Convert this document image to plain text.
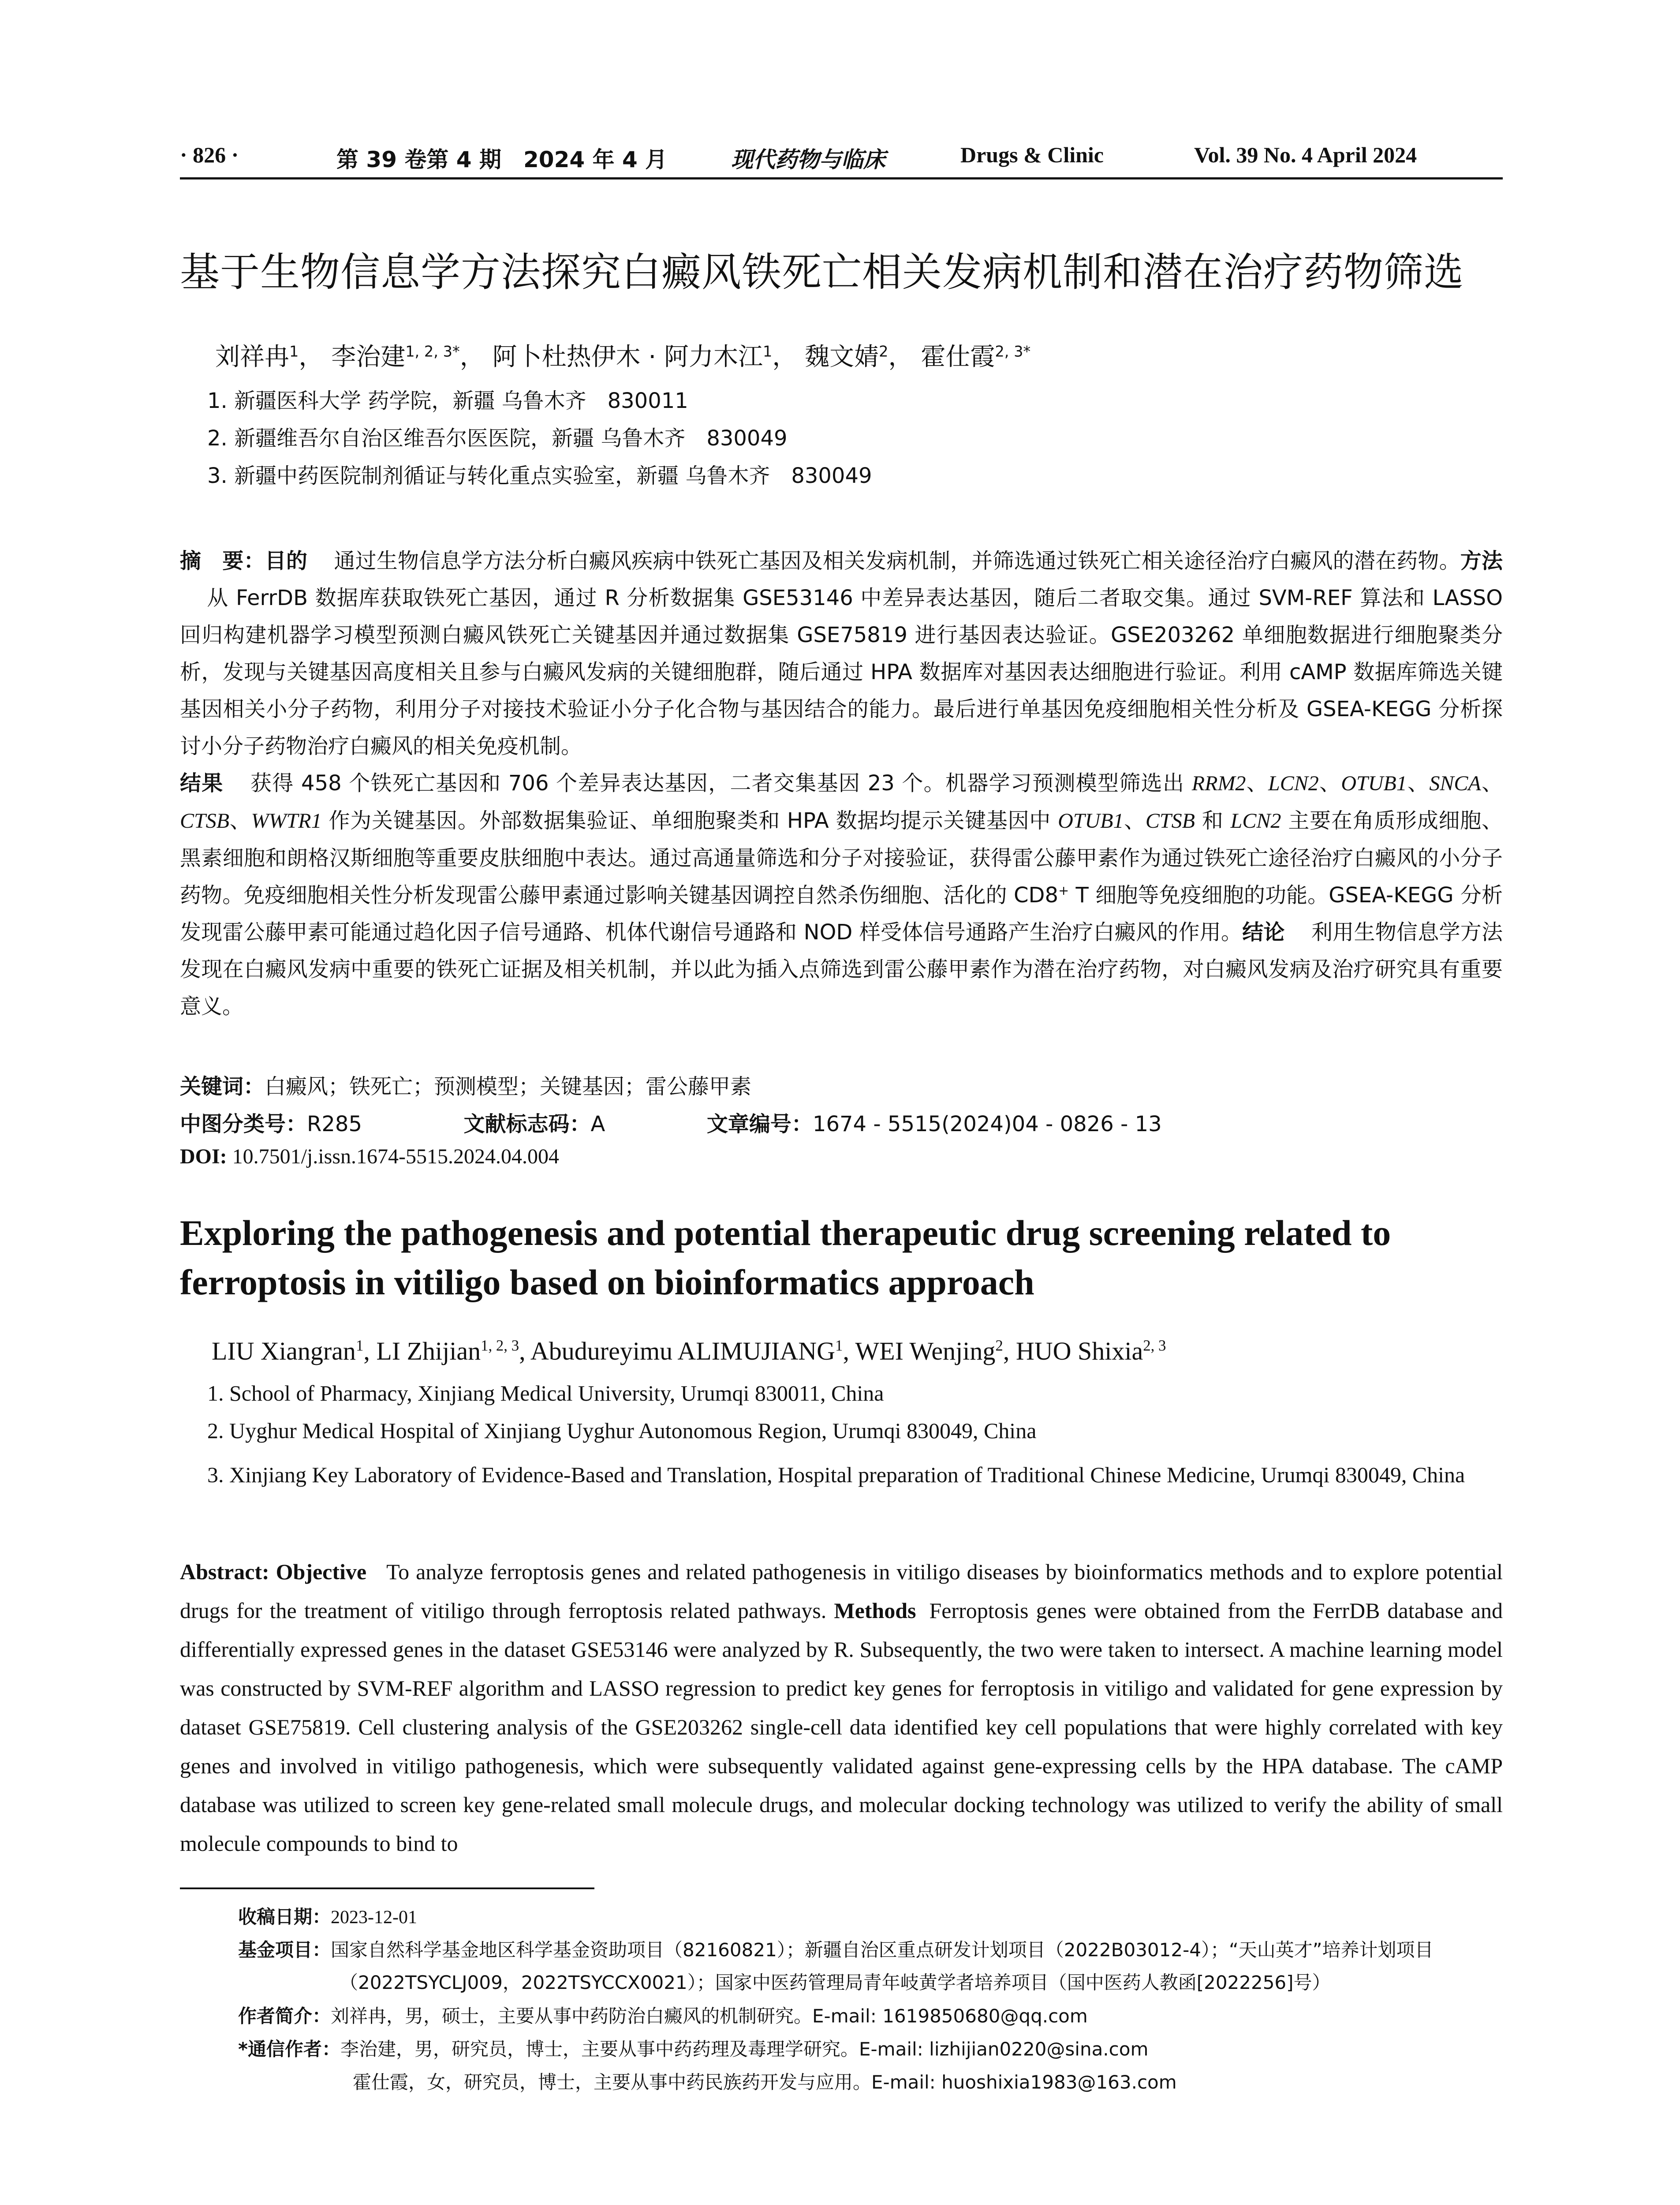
· 826 ·	第 39 卷第 4 期　2024 年 4 月	现代药物与临床	Drugs & Clinic	Vol. 39 No. 4 April 2024
基于生物信息学方法探究白癜风铁死亡相关发病机制和潜在治疗药物筛选
刘祥冉$^1$， 李治建$^{1, 2, 3*}$， 阿卜杜热伊木 · 阿力木江$^1$， 魏文婧$^2$， 霍仕霞$^{2, 3*}$
1. 新疆医科大学 药学院，新疆 乌鲁木齐　830011
2. 新疆维吾尔自治区维吾尔医医院，新疆 乌鲁木齐　830049
3. 新疆中药医院制剂循证与转化重点实验室，新疆 乌鲁木齐　830049
摘　要：目的 通过生物信息学方法分析白癜风疾病中铁死亡基因及相关发病机制，并筛选通过铁死亡相关途径治疗白癜风的潜在药物。方法从 FerrDB 数据库获取铁死亡基因，通过 R 分析数据集 GSE53146 中差异表达基因，随后二者取交集。通过 SVM-REF 算法和 LASSO 回归构建机器学习模型预测白癜风铁死亡关键基因并通过数据集 GSE75819 进行基因表达验证。GSE203262 单细胞数据进行细胞聚类分析，发现与关键基因高度相关且参与白癜风发病的关键细胞群，随后通过 HPA 数据库对基因表达细胞进行验证。利用 cAMP 数据库筛选关键基因相关小分子药物，利用分子对接技术验证小分子化合物与基因结合的能力。最后进行单基因免疫细胞相关性分析及 GSEA-KEGG 分析探讨小分子药物治疗白癜风的相关免疫机制。
结果 获得 458 个铁死亡基因和 706 个差异表达基因，二者交集基因 23 个。机器学习预测模型筛选出 RRM2、LCN2、OTUB1、SNCA、CTSB、WWTR1 作为关键基因。外部数据集验证、单细胞聚类和 HPA 数据均提示关键基因中 OTUB1、CTSB 和 LCN2 主要在角质形成细胞、黑素细胞和朗格汉斯细胞等重要皮肤细胞中表达。通过高通量筛选和分子对接验证，获得雷公藤甲素作为通过铁死亡途径治疗白癜风的小分子药物。免疫细胞相关性分析发现雷公藤甲素通过影响关键基因调控自然杀伤细胞、活化的 CD8+ T 细胞等免疫细胞的功能。GSEA-KEGG 分析发现雷公藤甲素可能通过趋化因子信号通路、机体代谢信号通路和 NOD 样受体信号通路产生治疗白癜风的作用。结论 利用生物信息学方法发现在白癜风发病中重要的铁死亡证据及相关机制，并以此为插入点筛选到雷公藤甲素作为潜在治疗药物，对白癜风发病及治疗研究具有重要意义。
关键词：白癜风；铁死亡；预测模型；关键基因；雷公藤甲素
中图分类号：R285	文献标志码：A	文章编号：1674 - 5515(2024)04 - 0826 - 13
DOI: 10.7501/j.issn.1674-5515.2024.04.004
Exploring the pathogenesis and potential therapeutic drug screening related to ferroptosis in vitiligo based on bioinformatics approach
LIU Xiangran$^1$, LI Zhijian$^{1, 2, 3}$, Abudureyimu ALIMUJIANG$^1$, WEI Wenjing$^2$, HUO Shixia$^{2, 3}$
1. School of Pharmacy, Xinjiang Medical University, Urumqi 830011, China
2. Uyghur Medical Hospital of Xinjiang Uyghur Autonomous Region, Urumqi 830049, China
3. Xinjiang Key Laboratory of Evidence-Based and Translation, Hospital preparation of Traditional Chinese Medicine, Urumqi 830049, China
Abstract: Objective To analyze ferroptosis genes and related pathogenesis in vitiligo diseases by bioinformatics methods and to explore potential drugs for the treatment of vitiligo through ferroptosis related pathways. Methods Ferroptosis genes were obtained from the FerrDB database and differentially expressed genes in the dataset GSE53146 were analyzed by R. Subsequently, the two were taken to intersect. A machine learning model was constructed by SVM-REF algorithm and LASSO regression to predict key genes for ferroptosis in vitiligo and validated for gene expression by dataset GSE75819. Cell clustering analysis of the GSE203262 single-cell data identified key cell populations that were highly correlated with key genes and involved in vitiligo pathogenesis, which were subsequently validated against gene-expressing cells by the HPA database. The cAMP database was utilized to screen key gene-related small molecule drugs, and molecular docking technology was utilized to verify the ability of small molecule compounds to bind to
收稿日期：2023-12-01
基金项目：国家自然科学基金地区科学基金资助项目（82160821）；新疆自治区重点研发计划项目（2022B03012-4）；“天山英才”培养计划项目（2022TSYCLJ009，2022TSYCCX0021）；国家中医药管理局青年岐黄学者培养项目（国中医药人教函[2022256]号）
作者简介：刘祥冉，男，硕士，主要从事中药防治白癜风的机制研究。E-mail: 1619850680@qq.com
*通信作者：李治建，男，研究员，博士，主要从事中药药理及毒理学研究。E-mail: lizhijian0220@sina.com
霍仕霞，女，研究员，博士，主要从事中药民族药开发与应用。E-mail: huoshixia1983@163.com
